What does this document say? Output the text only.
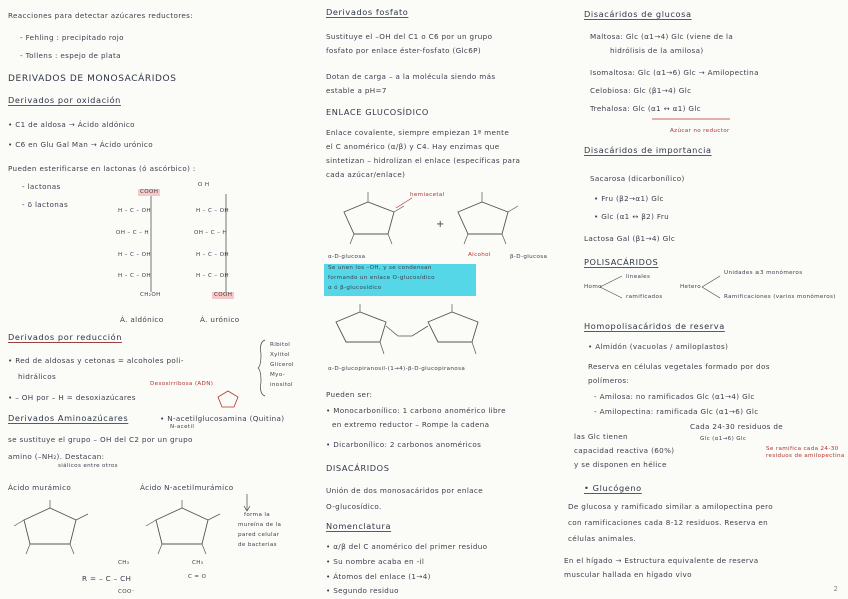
Reacciones para detectar azúcares reductores:
- Fehling : precipitado rojo
- Tollens : espejo de plata
DERIVADOS DE MONOSACÁRIDOS
Derivados por oxidación
• C1 de aldosa → Ácido aldónico
• C6 en Glu Gal Man → Ácido urónico
Pueden esterificarse en lactonas (ó ascórbico) :
- lactonas
- δ lactonas
COOH
H – C – OH
OH – C – H
H – C – OH
H – C – OH
CH₂OH
O H
H – C – OH
OH – C – H
H – C – OH
H – C – OH
COOH
Á. aldónico	Á. urónico
Derivados por reducción
• Red de aldosas y cetonas = alcoholes poli-
hidrálicos
Ribitol
Xylitol
Glicerol
Myo-
inositol
Desoxirribosa (ADN)
• – OH por – H = desoxiazúcares
Derivados Aminoazúcares	• N-acetilglucosamina (Quitina)
N-acetil
se sustituye el grupo – OH del C2 por un grupo
amino (–NH₂). Destacan:
siálicos entre otros
Ácido murámico	Ácido N-acetilmurámico
forma la
mureína de la
pared celular
de bacterias
CH₃
R = – C – CH
COO⁻
CH₃
C = O
Derivados fosfato
Sustituye el –OH del C1 o C6 por un grupo
fosfato por enlace éster-fosfato (Glc6P)
Dotan de carga – a la molécula siendo más
estable a pH=7
ENLACE GLUCOSÍDICO
Enlace covalente, siempre empiezan 1ª mente
el C anomérico (α/β) y C4. Hay enzimas que
sintetizan – hidrolizan el enlace (específicas para
cada azúcar/enlace)
hemiacetal
+
Alcohol
α-D-glucosa	β-D-glucosa
Se unen los –OH, y se condensan
formando un enlace O-glucosídico
α ó β-glucosídico
α-D-glucopiranosil-(1→4)-β-D-glucopiranosa
Pueden ser:
• Monocarbonílico: 1 carbono anomérico libre
en extremo reductor – Rompe la cadena
• Dicarbonílico: 2 carbonos anoméricos
DISACÁRIDOS
Unión de dos monosacáridos por enlace
O-glucosídico.
Nomenclatura
• α/β del C anomérico del primer residuo
• Su nombre acaba en -il
• Átomos del enlace (1→4)
• Segundo residuo
Disacáridos de glucosa
Maltosa: Glc (α1→4) Glc (viene de la
hidrólisis de la amilosa)
Isomaltosa: Glc (α1→6) Glc → Amilopectina
Celobiosa: Glc (β1→4) Glc
Trehalosa: Glc (α1 ↔ α1) Glc
Azúcar no reductor
Disacáridos de importancia
Sacarosa (dicarbonílico)
• Fru (β2→α1) Glc
• Glc (α1 ↔ β2) Fru
Lactosa Gal (β1→4) Glc
POLISACÁRIDOS
Homo
lineales
ramificados
Hetero
Unidades ≥3 monómeros
Ramificaciones (varios monómeros)
Homopolisacáridos de reserva
• Almidón (vacuolas / amiloplastos)
Reserva en células vegetales formado por dos
polímeros:
- Amilosa: no ramificados Glc (α1→4) Glc
- Amilopectina: ramificada Glc (α1→6) Glc
Cada 24-30 residuos de
las Glc tienen	Glc (α1→6) Glc
capacidad reactiva (60%)	Se ramifica cada 24-30 residuos de amilopectina
y se disponen en hélice
• Glucógeno
De glucosa y ramificado similar a amilopectina pero
con ramificaciones cada 8-12 residuos. Reserva en
células animales.
En el hígado → Estructura equivalente de reserva
muscular hallada en hígado vivo
2
